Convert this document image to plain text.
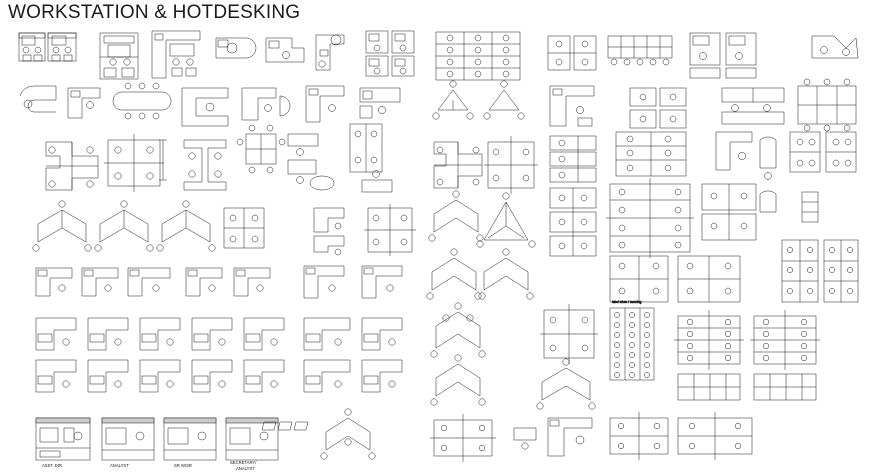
WORKSTATION & HOTDESKING
label when / morning
ASST. DIR.	ANALYST	SR W/SR
SECRETARY/
ANALYST
